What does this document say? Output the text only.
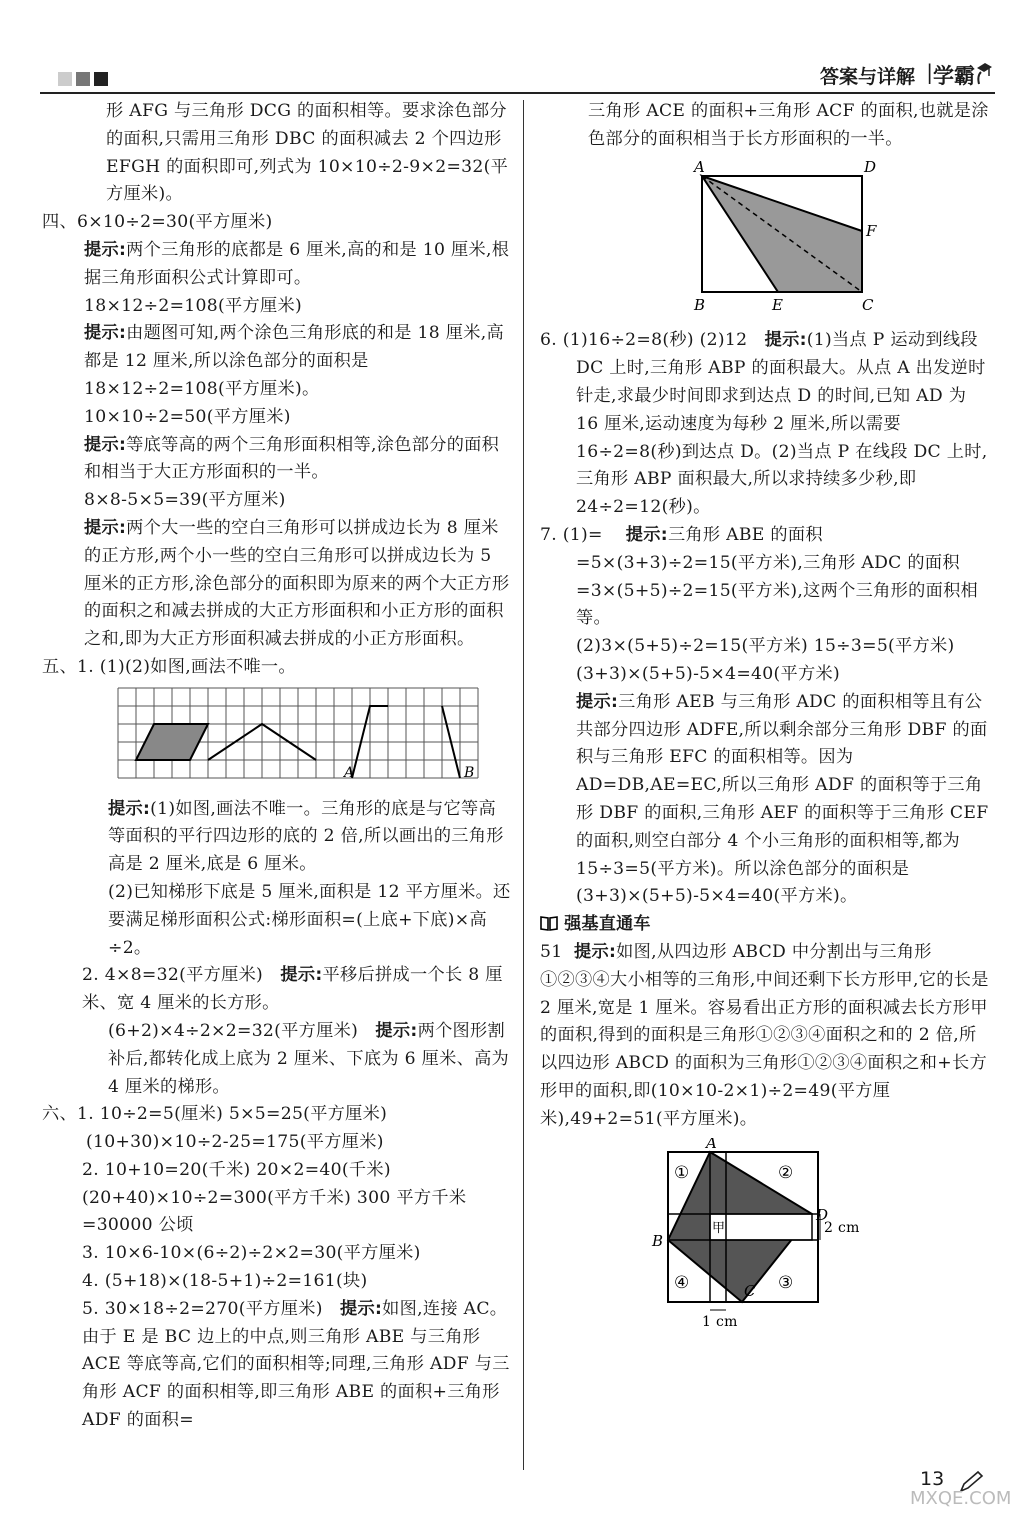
答案与详解 | 学霸

形 AFG 与三角形 DCG 的面积相等。要求涂色部分的面积,只需用三角形 DBC 的面积减去 2 个四边形 EFGH 的面积即可,列式为 10×10÷2-9×2=32(平方厘米)。

四、6×10÷2=30(平方厘米)

提示:两个三角形的底都是 6 厘米,高的和是 10 厘米,根据三角形面积公式计算即可。

18×12÷2=108(平方厘米)

提示:由题图可知,两个涂色三角形底的和是 18 厘米,高都是 12 厘米,所以涂色部分的面积是 18×12÷2=108(平方厘米)。

10×10÷2=50(平方厘米)

提示:等底等高的两个三角形面积相等,涂色部分的面积和相当于大正方形面积的一半。

8×8-5×5=39(平方厘米)

提示:两个大一些的空白三角形可以拼成边长为 8 厘米的正方形,两个小一些的空白三角形可以拼成边长为 5 厘米的正方形,涂色部分的面积即为原来的两个大正方形的面积之和减去拼成的大正方形面积和小正方形的面积之和,即为大正方形面积减去拼成的小正方形面积。

五、1. (1)(2)如图,画法不唯一。

A	B

提示:(1)如图,画法不唯一。三角形的底是与它等高等面积的平行四边形的底的 2 倍,所以画出的三角形高是 2 厘米,底是 6 厘米。

(2)已知梯形下底是 5 厘米,面积是 12 平方厘米。还要满足梯形面积公式:梯形面积=(上底+下底)×高÷2。

2. 4×8=32(平方厘米) 提示:平移后拼成一个长 8 厘米、宽 4 厘米的长方形。

(6+2)×4÷2×2=32(平方厘米) 提示:两个图形割补后,都转化成上底为 2 厘米、下底为 6 厘米、高为 4 厘米的梯形。

六、1. 10÷2=5(厘米) 5×5=25(平方厘米) (10+30)×10÷2-25=175(平方厘米)

2. 10+10=20(千米) 20×2=40(千米) (20+40)×10÷2=300(平方千米) 300 平方千米=30000 公顷

3. 10×6-10×(6÷2)÷2×2=30(平方厘米)

4. (5+18)×(18-5+1)÷2=161(块)

5. 30×18÷2=270(平方厘米) 提示:如图,连接 AC。由于 E 是 BC 边上的中点,则三角形 ABE 与三角形 ACE 等底等高,它们的面积相等;同理,三角形 ADF 与三角形 ACF 的面积相等,即三角形 ABE 的面积+三角形 ADF 的面积=

三角形 ACE 的面积+三角形 ACF 的面积,也就是涂色部分的面积相当于长方形面积的一半。

A	D
F
B	E	C

6. (1)16÷2=8(秒) (2)12 提示:(1)当点 P 运动到线段 DC 上时,三角形 ABP 的面积最大。从点 A 出发逆时针走,求最少时间即求到达点 D 的时间,已知 AD 为 16 厘米,运动速度为每秒 2 厘米,所以需要 16÷2=8(秒)到达点 D。(2)当点 P 在线段 DC 上时,三角形 ABP 面积最大,所以求持续多少秒,即 24÷2=12(秒)。

7. (1)= 提示:三角形 ABE 的面积=5×(3+3)÷2=15(平方米),三角形 ADC 的面积=3×(5+5)÷2=15(平方米),这两个三角形的面积相等。

(2)3×(5+5)÷2=15(平方米) 15÷3=5(平方米) (3+3)×(5+5)-5×4=40(平方米)

提示:三角形 AEB 与三角形 ADC 的面积相等且有公共部分四边形 ADFE,所以剩余部分三角形 DBF 的面积与三角形 EFC 的面积相等。因为 AD=DB,AE=EC,所以三角形 ADF 的面积等于三角形 DBF 的面积,三角形 AEF 的面积等于三角形 CEF 的面积,则空白部分 4 个小三角形的面积相等,都为 15÷3=5(平方米)。所以涂色部分的面积是(3+3)×(5+5)-5×4=40(平方米)。

强基直通车

51 提示:如图,从四边形 ABCD 中分割出与三角形①②③④大小相等的三角形,中间还剩下长方形甲,它的长是 2 厘米,宽是 1 厘米。容易看出正方形的面积减去长方形甲的面积,得到的面积是三角形①②③④面积之和的 2 倍,所以四边形 ABCD 的面积为三角形①②③④面积之和+长方形甲的面积,即(10×10-2×1)÷2=49(平方厘米),49+2=51(平方厘米)。

A
D
B
C
①	②
③
④
甲	2 cm
1 cm
13
MXQE.COM
